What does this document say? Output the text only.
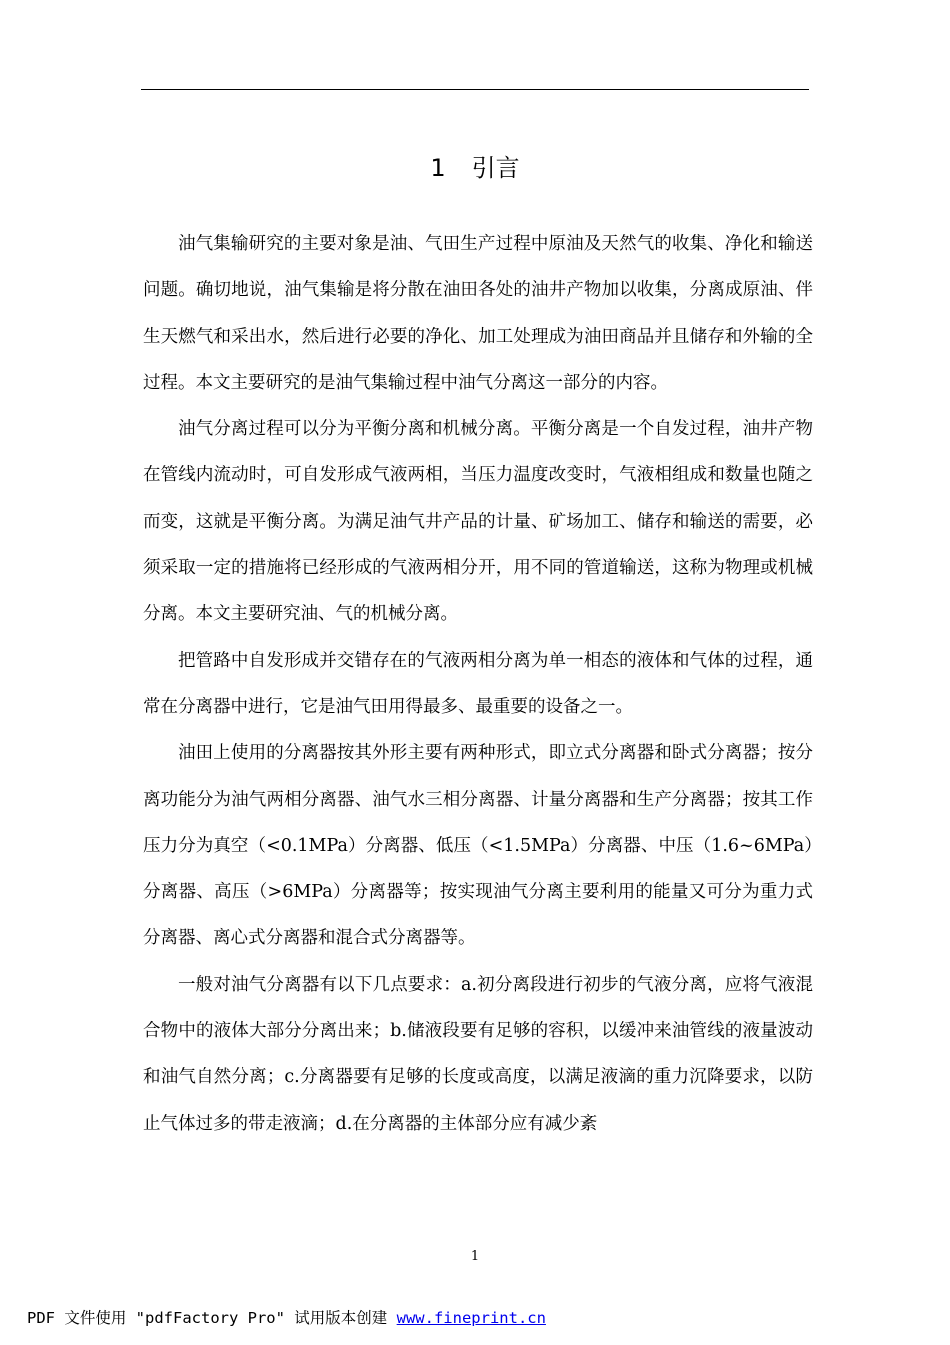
1 引言

油气集输研究的主要对象是油、气田生产过程中原油及天然气的收集、净化和输送问题。确切地说，油气集输是将分散在油田各处的油井产物加以收集，分离成原油、伴生天燃气和采出水，然后进行必要的净化、加工处理成为油田商品并且储存和外输的全过程。本文主要研究的是油气集输过程中油气分离这一部分的内容。

油气分离过程可以分为平衡分离和机械分离。平衡分离是一个自发过程，油井产物在管线内流动时，可自发形成气液两相，当压力温度改变时，气液相组成和数量也随之而变，这就是平衡分离。为满足油气井产品的计量、矿场加工、储存和输送的需要，必须采取一定的措施将已经形成的气液两相分开，用不同的管道输送，这称为物理或机械分离。本文主要研究油、气的机械分离。

把管路中自发形成并交错存在的气液两相分离为单一相态的液体和气体的过程，通常在分离器中进行，它是油气田用得最多、最重要的设备之一。

油田上使用的分离器按其外形主要有两种形式，即立式分离器和卧式分离器；按分离功能分为油气两相分离器、油气水三相分离器、计量分离器和生产分离器；按其工作压力分为真空（<0.1MPa）分离器、低压（<1.5MPa）分离器、中压（1.6~6MPa）分离器、高压（>6MPa）分离器等；按实现油气分离主要利用的能量又可分为重力式分离器、离心式分离器和混合式分离器等。

一般对油气分离器有以下几点要求：a.初分离段进行初步的气液分离，应将气液混合物中的液体大部分分离出来；b.储液段要有足够的容积，以缓冲来油管线的液量波动和油气自然分离；c.分离器要有足够的长度或高度，以满足液滴的重力沉降要求，以防止气体过多的带走液滴；d.在分离器的主体部分应有减少紊

1
PDF 文件使用 "pdfFactory Pro" 试用版本创建 www.fineprint.cn
